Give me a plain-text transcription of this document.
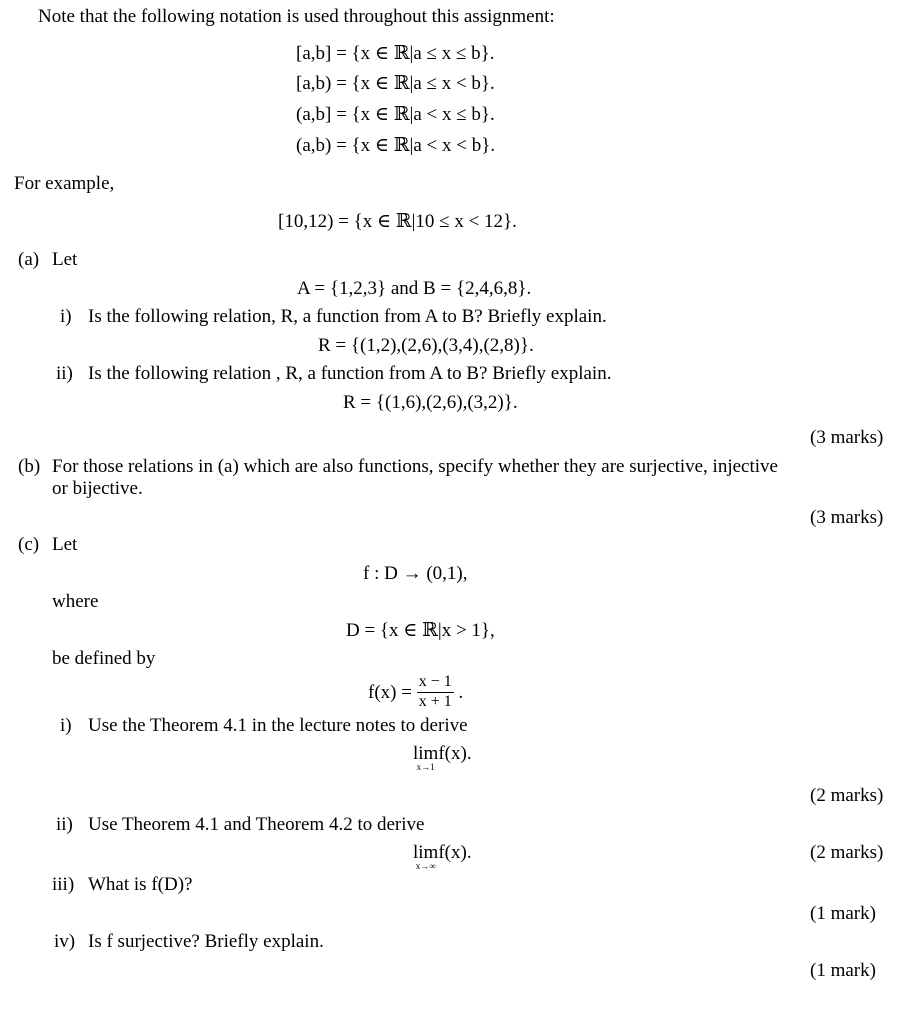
Note that the following notation is used throughout this assignment:
[a,b] = {x ∈ ℝ|a ≤ x ≤ b}.
[a,b) = {x ∈ ℝ|a ≤ x < b}.
(a,b] = {x ∈ ℝ|a < x ≤ b}.
(a,b) = {x ∈ ℝ|a < x < b}.
For example,
[10,12) = {x ∈ ℝ|10 ≤ x < 12}.
(a) Let
A = {1,2,3} and B = {2,4,6,8}.
i) Is the following relation, R, a function from A to B? Briefly explain.
R = {(1,2),(2,6),(3,4),(2,8)}.
ii) Is the following relation , R, a function from A to B? Briefly explain.
R = {(1,6),(2,6),(3,2)}.
(3 marks)
(b) For those relations in (a) which are also functions, specify whether they are surjective, injective
or bijective.
(3 marks)
(c) Let
f : D → (0,1),
where
D = {x ∈ ℝ|x > 1},
be defined by
$f(x) = \frac{x - 1}{x + 1}$ .
i) Use the Theorem 4.1 in the lecture notes to derive
lim
x→1
f(x).
(2 marks)
ii) Use Theorem 4.1 and Theorem 4.2 to derive
lim
x→∞
f(x).	(2 marks)
iii) What is f(D)?
(1 mark)
iv) Is f surjective? Briefly explain.
(1 mark)
